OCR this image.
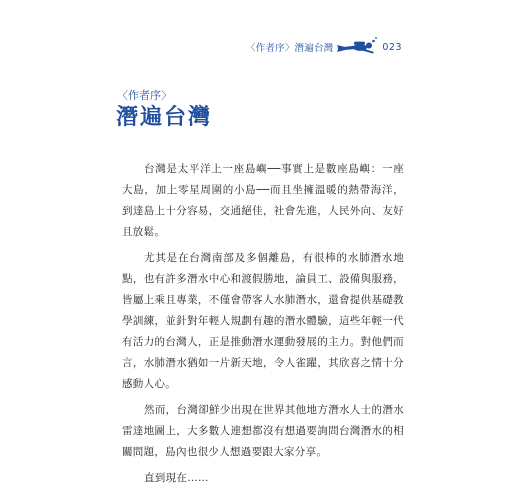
〈作者序〉潛遍台灣	023
〈作者序〉
潛遍台灣

台灣是太平洋上一座島嶼──事實上是數座島嶼：一座大島，加上零星周圍的小島──而且坐擁溫暖的熱帶海洋，到達島上十分容易，交通絕佳，社會先進，人民外向、友好且放鬆。

尤其是在台灣南部及多個離島，有很棒的水肺潛水地點，也有許多潛水中心和渡假勝地，論員工、設備與服務，皆屬上乘且專業，不僅會帶客人水肺潛水，還會提供基礎教學訓練，並針對年輕人規劃有趣的潛水體驗，這些年輕一代有活力的台灣人，正是推動潛水運動發展的主力。對他們而言，水肺潛水猶如一片新天地，令人雀躍，其欣喜之情十分感動人心。

然而，台灣卻鮮少出現在世界其他地方潛水人士的潛水雷達地圖上，大多數人連想都沒有想過要詢問台灣潛水的相關問題，島內也很少人想過要跟大家分享。

直到現在……
